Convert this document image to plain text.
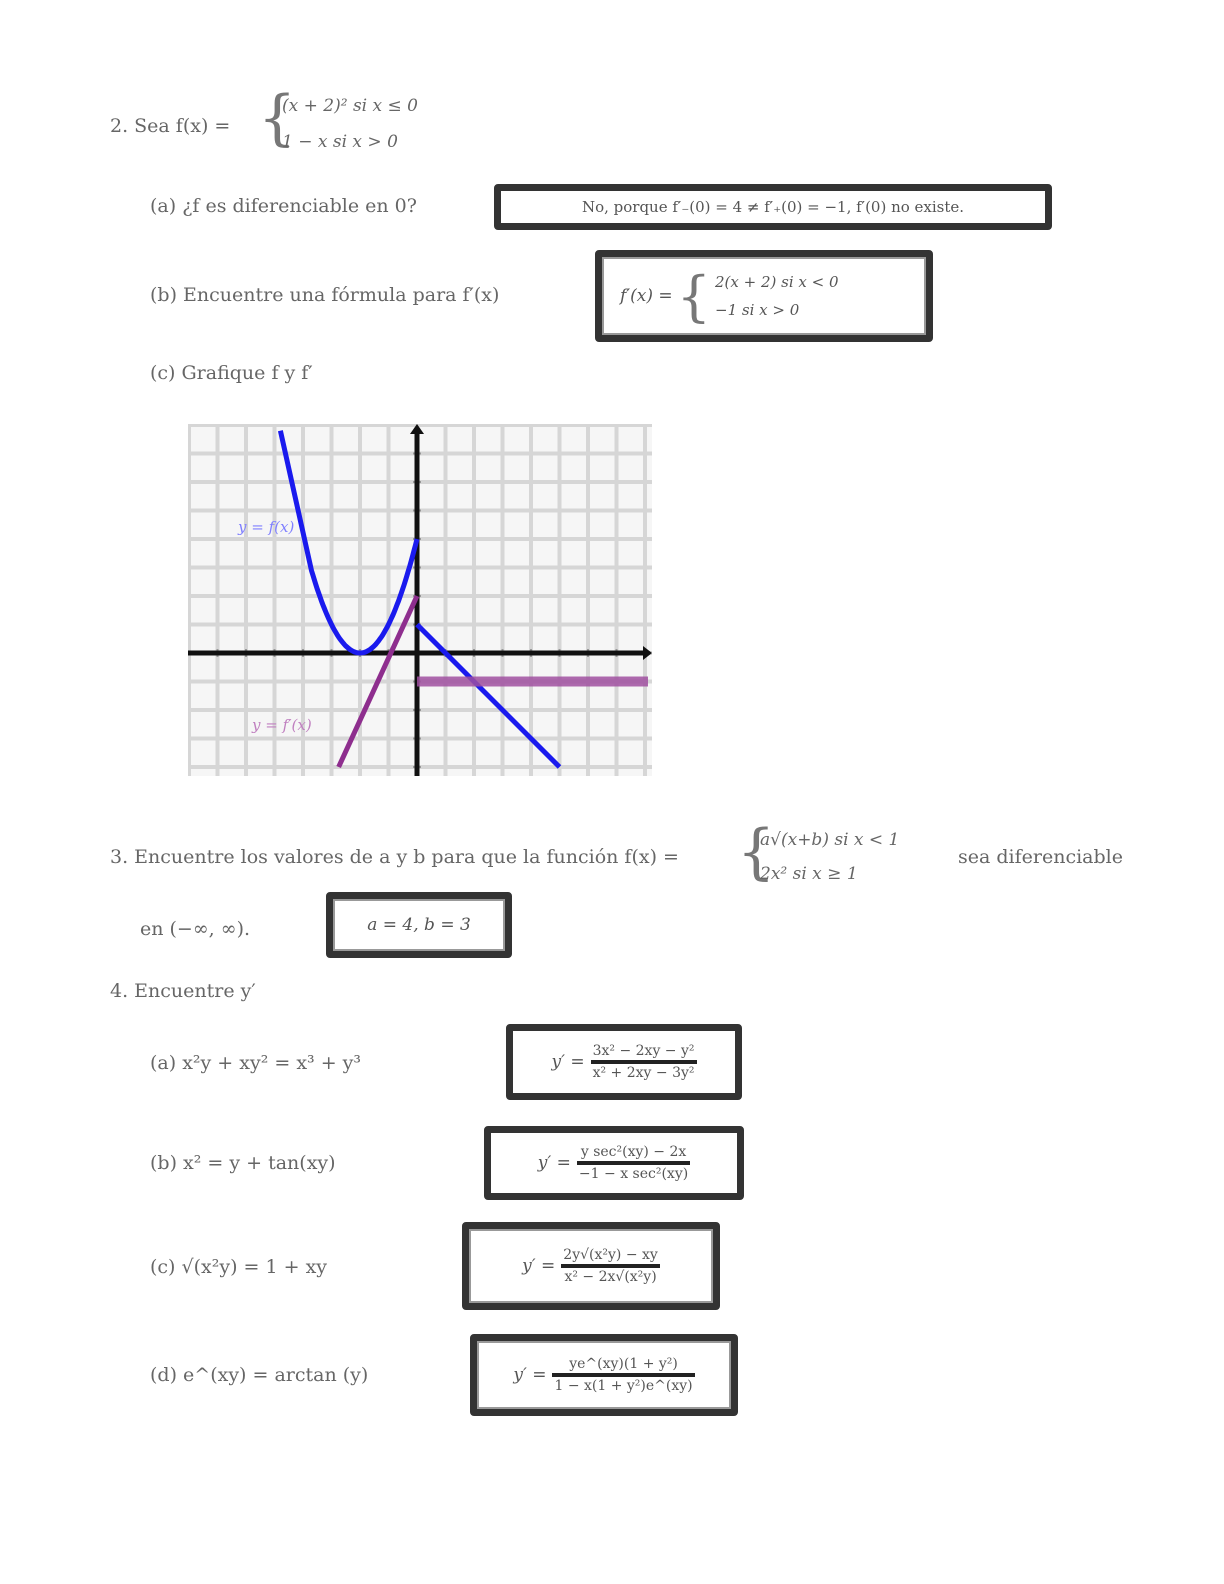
2. Sea f(x) = {
(x + 2)² si x ≤ 0
1 − x si x > 0
(a) ¿f es diferenciable en 0?	No, porque f′₋(0) = 4 ≠ f′₊(0) = −1, f′(0) no existe.
(b) Encuentre una fórmula para f′(x)	f′(x) = { 2(x + 2) si x < 0
−1 si x > 0
(c) Grafique f y f′
y = f(x)
y = f′(x)
3. Encuentre los valores de a y b para que la función f(x) = {
a√(x+b) si x < 1
2x² si x ≥ 1
sea diferenciable
en (−∞, ∞).	a = 4, b = 3
4. Encuentre y′
(a) x²y + xy² = x³ + y³	$y' = \frac{\text{3x² − 2xy − y²}}{\text{x² + 2xy − 3y²}}$
(b) x² = y + tan(xy)	$y' = \frac{\text{y sec²(xy) − 2x}}{\text{−1 − x sec²(xy)}}$
(c) √(x²y) = 1 + xy	$y' = \frac{\text{2y√(x²y) − xy}}{\text{x² − 2x√(x²y)}}$
(d) e^(xy) = arctan (y)	$y' = \frac{\text{ye\textasciicircum{}(xy)(1 + y²)}}{\text{1 − x(1 + y²)e\textasciicircum{}(xy)}}$
